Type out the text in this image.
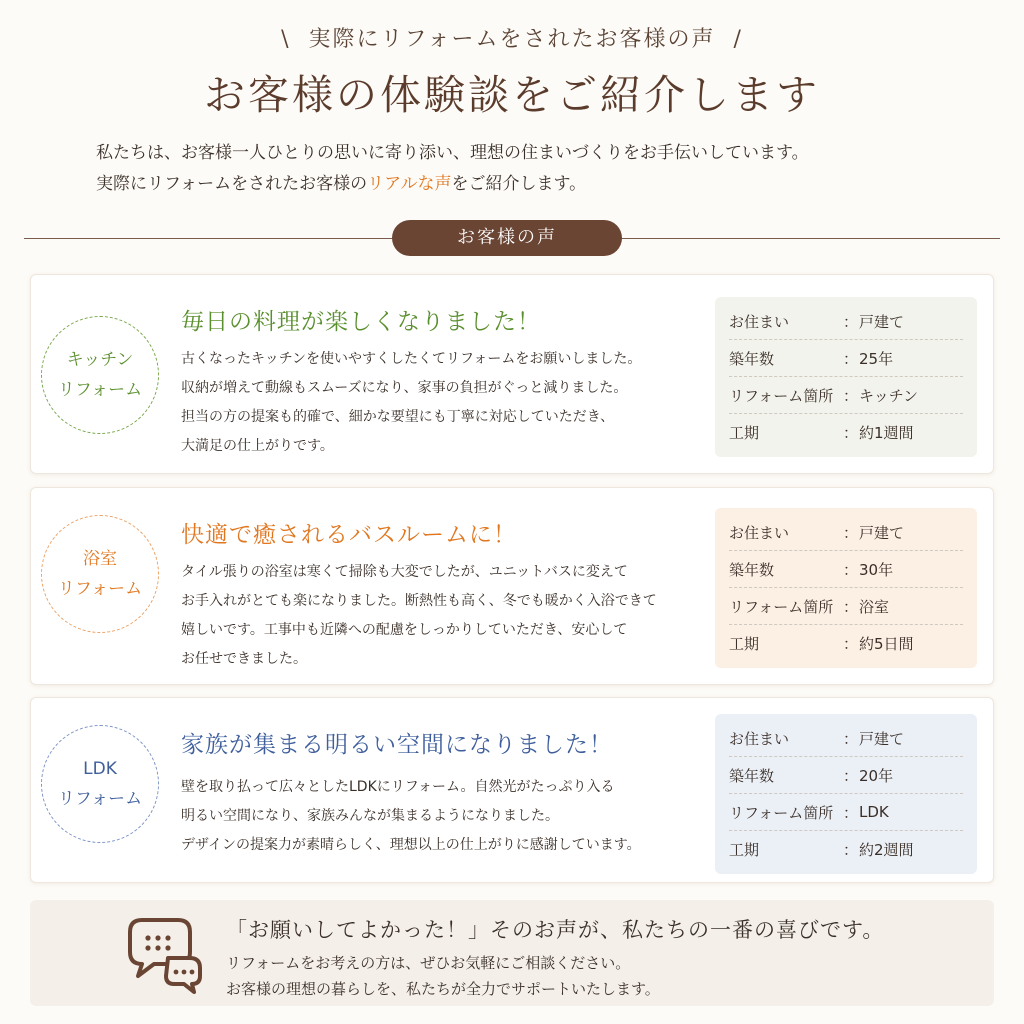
\ 実際にリフォームをされたお客様の声 /
お客様の体験談をご紹介します
私たちは、お客様一人ひとりの思いに寄り添い、理想の住まいづくりをお手伝いしています。
実際にリフォームをされたお客様のリアルな声をご紹介します。
お客様の声
キッチン
リフォーム
毎日の料理が楽しくなりました！
古くなったキッチンを使いやすくしたくてリフォームをお願いしました。
収納が増えて動線もスムーズになり、家事の負担がぐっと減りました。
担当の方の提案も的確で、細かな要望にも丁寧に対応していただき、
大満足の仕上がりです。
お住まい	： 戸建て
築年数	： 25年
リフォーム箇所 ： キッチン
工期	： 約1週間
浴室
リフォーム
快適で癒されるバスルームに！
タイル張りの浴室は寒くて掃除も大変でしたが、ユニットバスに変えて
お手入れがとても楽になりました。断熱性も高く、冬でも暖かく入浴できて
嬉しいです。工事中も近隣への配慮をしっかりしていただき、安心して
お任せできました。
お住まい	： 戸建て
築年数	： 30年
リフォーム箇所 ： 浴室
工期	： 約5日間
LDK
リフォーム
家族が集まる明るい空間になりました！
壁を取り払って広々としたLDKにリフォーム。自然光がたっぷり入る
明るい空間になり、家族みんなが集まるようになりました。
デザインの提案力が素晴らしく、理想以上の仕上がりに感謝しています。
お住まい	： 戸建て
築年数	： 20年
リフォーム箇所 ： LDK
工期	： 約2週間
「お願いしてよかった！」そのお声が、私たちの一番の喜びです。
リフォームをお考えの方は、ぜひお気軽にご相談ください。
お客様の理想の暮らしを、私たちが全力でサポートいたします。
